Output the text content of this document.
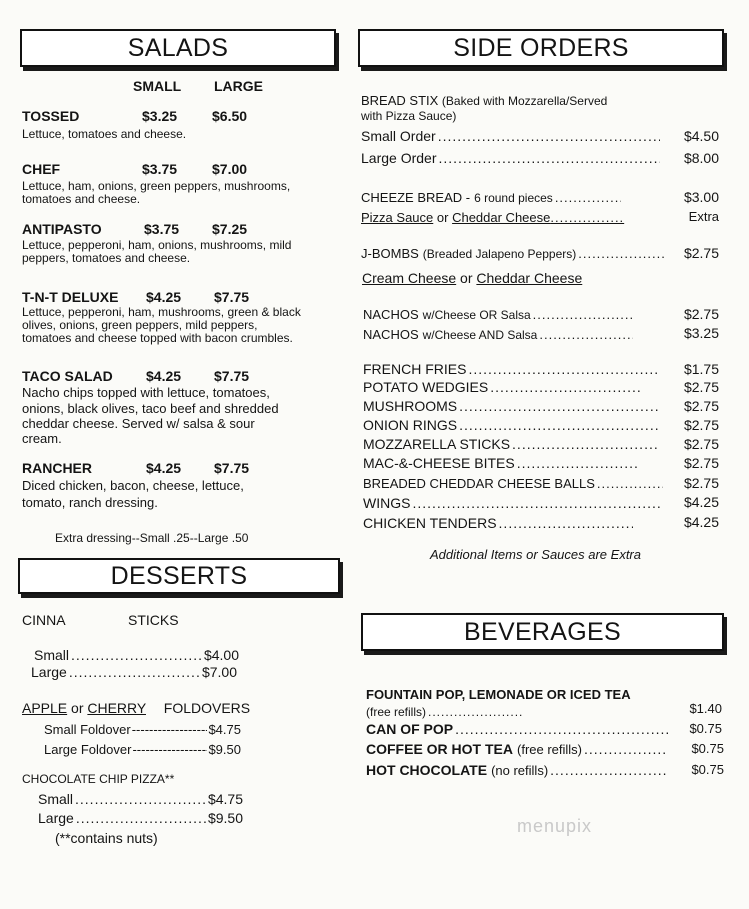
SALADS
SMALL LARGE
TOSSED	$3.25 $6.50
Lettuce, tomatoes and cheese.
CHEF	$3.75 $7.00
Lettuce, ham, onions, green peppers, mushrooms,
tomatoes and cheese.
ANTIPASTO	$3.75 $7.25
Lettuce, pepperoni, ham, onions, mushrooms, mild
peppers, tomatoes and cheese.
T-N-T DELUXE $4.25 $7.75
Lettuce, pepperoni, ham, mushrooms, green & black
olives, onions, green peppers, mild peppers,
tomatoes and cheese topped with bacon crumbles.
TACO SALAD $4.25 $7.75
Nacho chips topped with lettuce, tomatoes,
onions, black olives, taco beef and shredded
cheddar cheese. Served w/ salsa & sour
cream.
RANCHER	$4.25 $7.75
Diced chicken, bacon, cheese, lettuce,
tomato, ranch dressing.
Extra dressing--Small .25--Large .50
DESSERTS
CINNA	STICKS
Small .....	$4.00
Large .....	$7.00
APPLE or CHERRY FOLDOVERS
Small Foldover -----	$4.75
Large Foldover -----	$9.50
CHOCOLATE CHIP PIZZA**
Small .....	$4.75
Large .....	$9.50
(**contains nuts)
SIDE ORDERS
BREAD STIX (Baked with Mozzarella/Served
with Pizza Sauce)
Small Order .....	$4.50
Large Order .....	$8.00
CHEEZE BREAD - 6 round pieces .....	$3.00
Pizza Sauce or Cheddar Cheese................	Extra
J-BOMBS (Breaded Jalapeno Peppers) .....	$2.75
Cream Cheese or Cheddar Cheese
NACHOS w/Cheese OR Salsa .....	$2.75
NACHOS w/Cheese AND Salsa .....	$3.25
FRENCH FRIES .....	$1.75
POTATO WEDGIES .....	$2.75
MUSHROOMS .....	$2.75
ONION RINGS .....	$2.75
MOZZARELLA STICKS .....	$2.75
MAC-&-CHEESE BITES .....	$2.75
BREADED CHEDDAR CHEESE BALLS .....	$2.75
WINGS .....	$4.25
CHICKEN TENDERS .....	$4.25
Additional Items or Sauces are Extra
BEVERAGES
FOUNTAIN POP, LEMONADE OR ICED TEA
(free refills) .....	$1.40
CAN OF POP .....	$0.75
COFFEE OR HOT TEA (free refills) .....	$0.75
HOT CHOCOLATE (no refills) .....	$0.75
menupix
